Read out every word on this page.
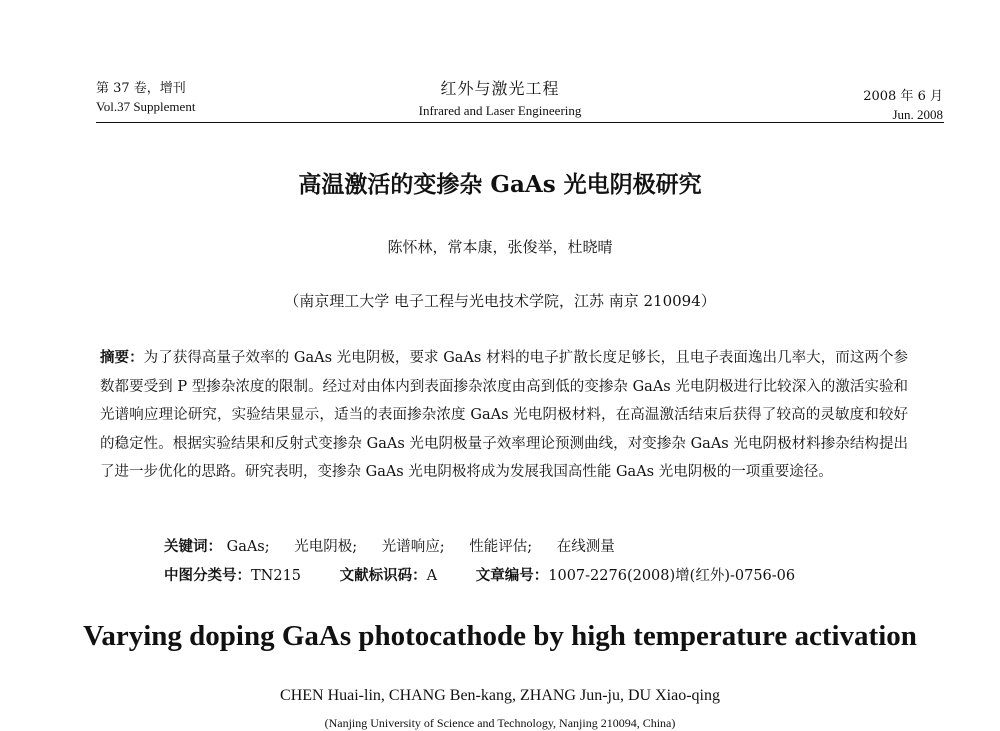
第 37 卷，增刊
Vol.37 Supplement
红外与激光工程
Infrared and Laser Engineering
2008 年 6 月
Jun. 2008
高温激活的变掺杂 GaAs 光电阴极研究
陈怀林，常本康，张俊举，杜晓晴
（南京理工大学 电子工程与光电技术学院，江苏 南京 210094）
摘要：为了获得高量子效率的 GaAs 光电阴极，要求 GaAs 材料的电子扩散长度足够长，且电子表面逸出几率大，而这两个参数都要受到 P 型掺杂浓度的限制。经过对由体内到表面掺杂浓度由高到低的变掺杂 GaAs 光电阴极进行比较深入的激活实验和光谱响应理论研究，实验结果显示，适当的表面掺杂浓度 GaAs 光电阴极材料，在高温激活结束后获得了较高的灵敏度和较好的稳定性。根据实验结果和反射式变掺杂 GaAs 光电阴极量子效率理论预测曲线，对变掺杂 GaAs 光电阴极材料掺杂结构提出了进一步优化的思路。研究表明，变掺杂 GaAs 光电阴极将成为发展我国高性能 GaAs 光电阴极的一项重要途径。
关键词： GaAs; 光电阴极; 光谱响应; 性能评估; 在线测量
中图分类号：TN215	文献标识码：A	文章编号：1007-2276(2008)增(红外)-0756-06
Varying doping GaAs photocathode by high temperature activation
CHEN Huai-lin, CHANG Ben-kang, ZHANG Jun-ju, DU Xiao-qing
(Nanjing University of Science and Technology, Nanjing 210094, China)
